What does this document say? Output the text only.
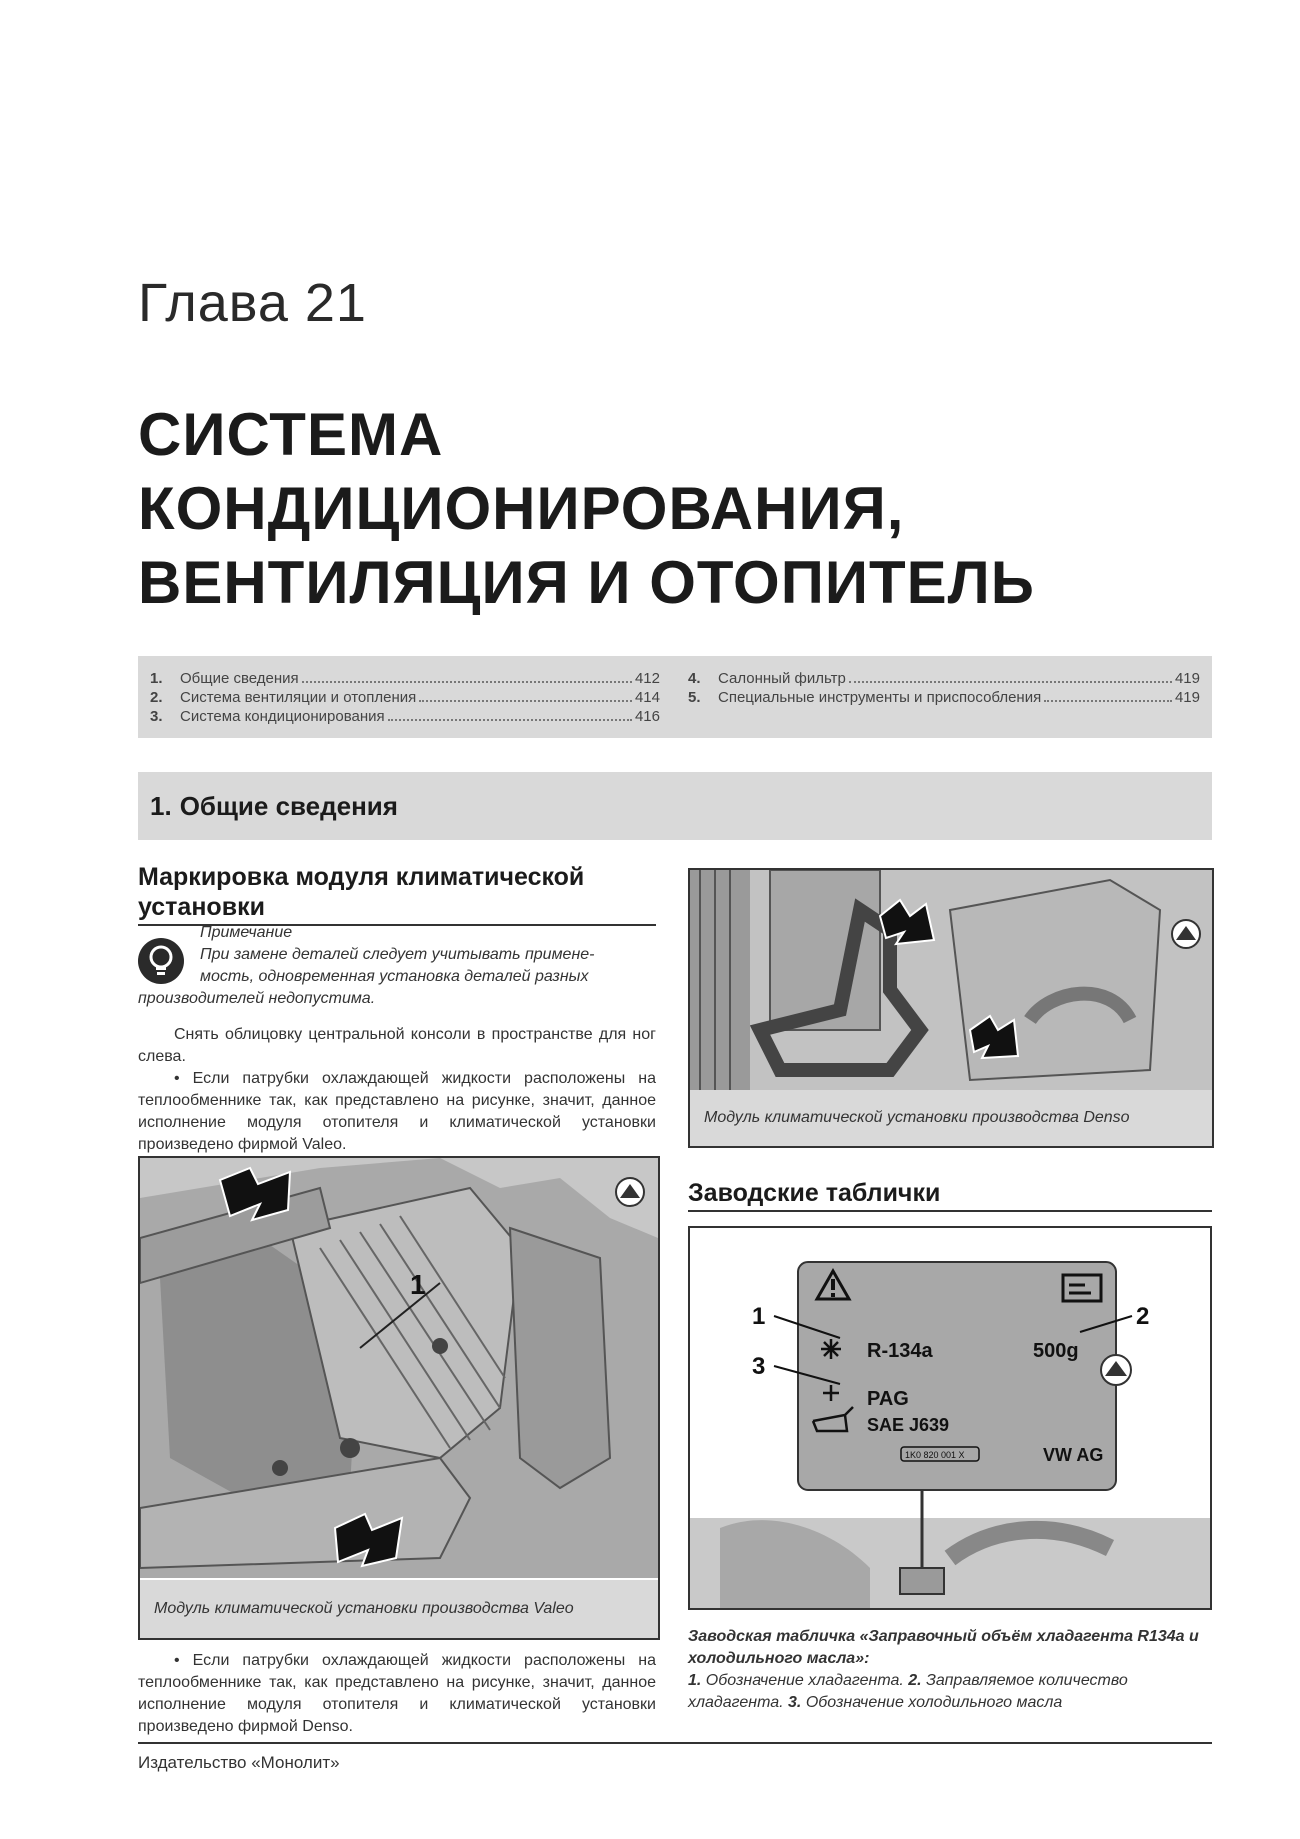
Глава 21
СИСТЕМА
КОНДИЦИОНИРОВАНИЯ,
ВЕНТИЛЯЦИЯ И ОТОПИТЕЛЬ
1.	Общие сведения	412
2.	Система вентиляции и отопления	414
3.	Система кондиционирования	416
4.	Салонный фильтр	419
5.	Специальные инструменты и приспособления	419
1. Общие сведения
Маркировка модуля климатической установки
Примечание
При замене деталей следует учитывать примене-
мость, одновременная установка деталей разных

производителей недопустима.
Снять облицовку центральной консоли в пространстве для ног слева.
• Если патрубки охлаждающей жидкости расположены на теплообменнике так, как представлено на рисунке, значит, данное исполнение модуля отопителя и климатической установки произведено фирмой Valeo.
1
Модуль климатической установки производства Valeo
• Если патрубки охлаждающей жидкости расположены на теплообменнике так, как представлено на рисунке, значит, данное исполнение модуля отопителя и климатической установки произведено фирмой Denso.
Модуль климатической установки производства Denso
Заводские таблички
R-134a	500g
PAG
SAE J639
1K0 820 001 X	VW AG
1	2
3
Заводская табличка «Заправочный объём хладагента R134a и холодильного масла»:
1. Обозначение хладагента. 2. Заправляемое количество хладагента. 3. Обозначение холодильного масла
Издательство «Монолит»
